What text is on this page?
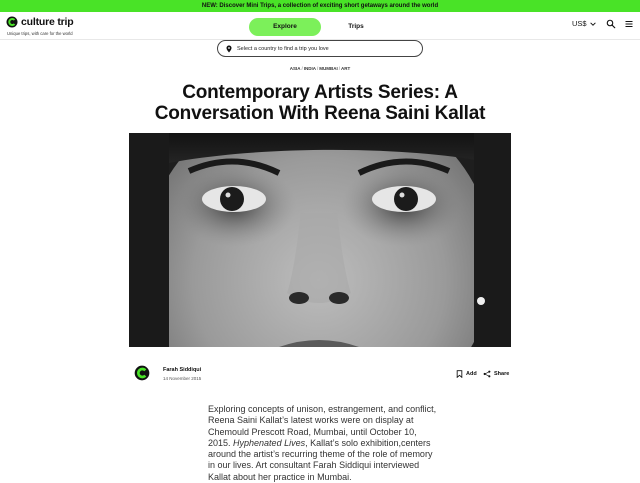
NEW: Discover Mini Trips, a collection of exciting short getaways around the world
culture trip
Unique trips, with care for the world
Explore	Trips	US$
Select a country to find a trip you love
ASIA/INDIA/MUMBAI/ART
Contemporary Artists Series: A Conversation With Reena Saini Kallat
Farah Siddiqui
14 November 2015
Add	Share

Exploring concepts of unison, estrangement, and conflict, Reena Saini Kallat’s latest works were on display at Chemould Prescott Road, Mumbai, until October 10, 2015. Hyphenated Lives, Kallat’s solo exhibition,centers around the artist’s recurring theme of the role of memory in our lives. Art consultant Farah Siddiqui interviewed Kallat about her practice in Mumbai.
